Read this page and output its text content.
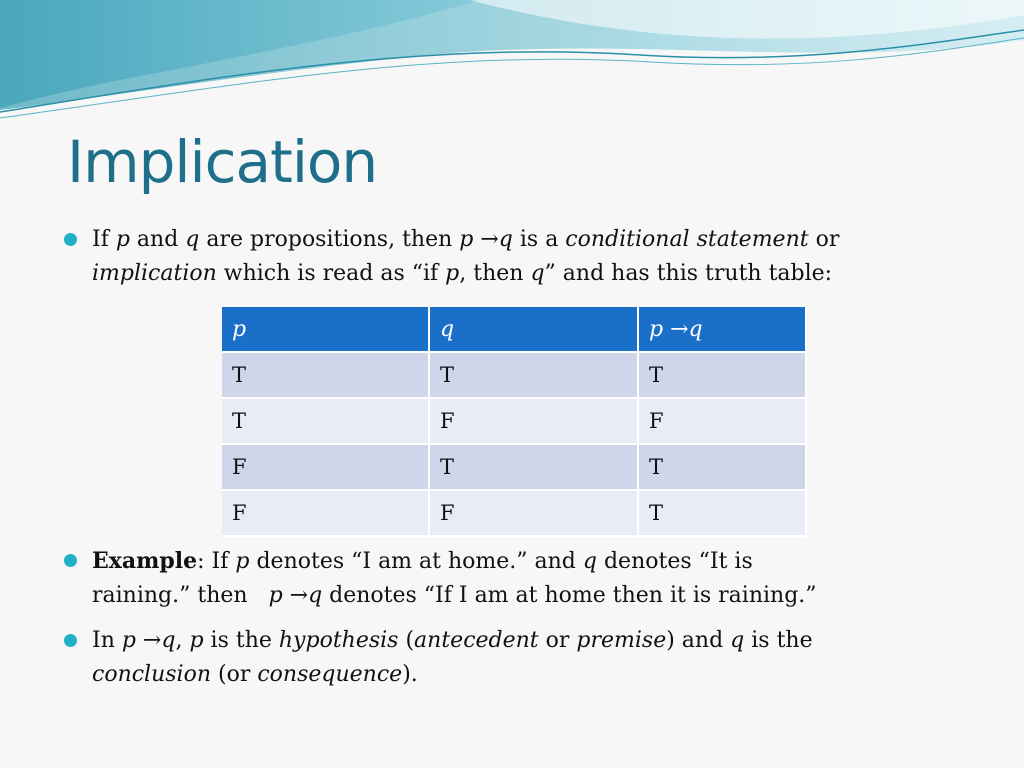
Implication
If p and q are propositions, then p →q is a conditional statement or
implication which is read as “if p, then q” and has this truth table:
p	q	p →q
T	T	T
T	F	F
F	T	T
F	F	T
Example: If p denotes “I am at home.” and q denotes “It is
raining.” then p →q denotes “If I am at home then it is raining.”
In p →q, p is the hypothesis (antecedent or premise) and q is the
conclusion (or consequence).
